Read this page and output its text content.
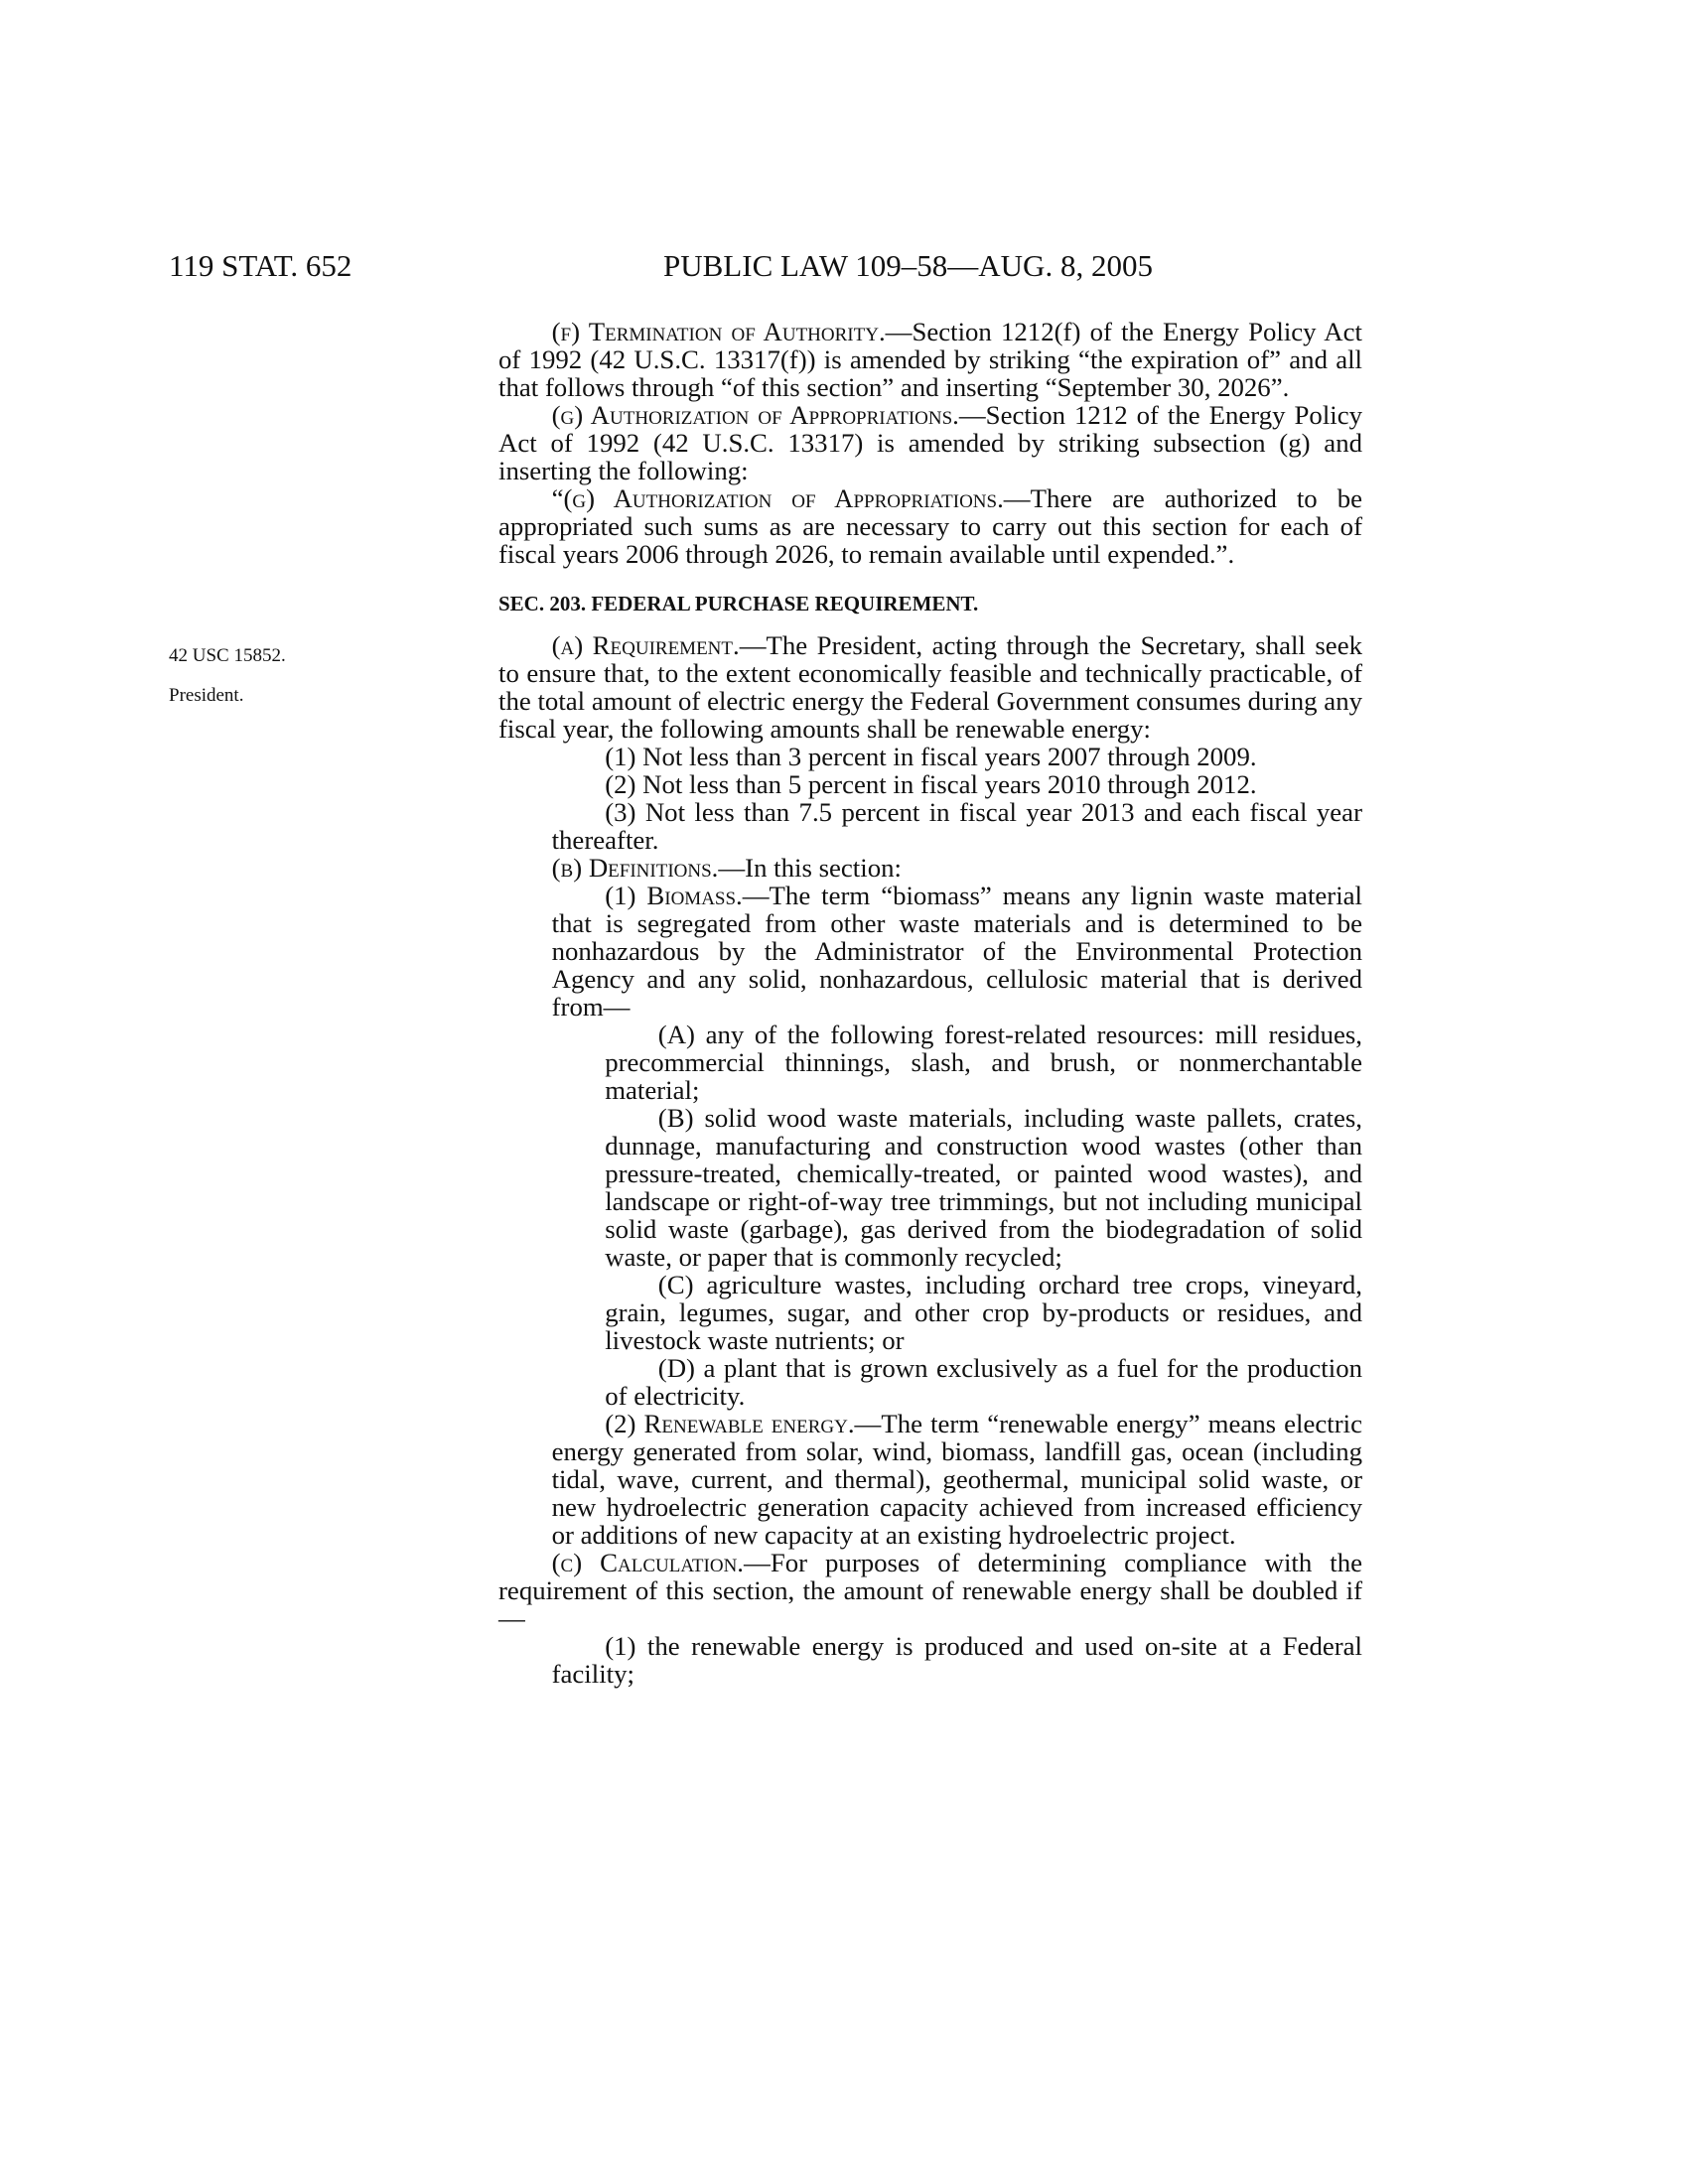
119 STAT. 652	PUBLIC LAW 109–58—AUG. 8, 2005
42 USC 15852.
President.

(f) Termination of Authority.—Section 1212(f) of the Energy Policy Act of 1992 (42 U.S.C. 13317(f)) is amended by striking “the expiration of” and all that follows through “of this section” and inserting “September 30, 2026”.

(g) Authorization of Appropriations.—Section 1212 of the Energy Policy Act of 1992 (42 U.S.C. 13317) is amended by striking subsection (g) and inserting the following:

“(g) Authorization of Appropriations.—There are authorized to be appropriated such sums as are necessary to carry out this section for each of fiscal years 2006 through 2026, to remain available until expended.”.

SEC. 203. FEDERAL PURCHASE REQUIREMENT.

(a) Requirement.—The President, acting through the Secretary, shall seek to ensure that, to the extent economically feasible and technically practicable, of the total amount of electric energy the Federal Government consumes during any fiscal year, the following amounts shall be renewable energy:

(1) Not less than 3 percent in fiscal years 2007 through 2009.

(2) Not less than 5 percent in fiscal years 2010 through 2012.

(3) Not less than 7.5 percent in fiscal year 2013 and each fiscal year thereafter.

(b) Definitions.—In this section:

(1) Biomass.—The term “biomass” means any lignin waste material that is segregated from other waste materials and is determined to be nonhazardous by the Administrator of the Environmental Protection Agency and any solid, nonhazardous, cellulosic material that is derived from—

(A) any of the following forest-related resources: mill residues, precommercial thinnings, slash, and brush, or nonmerchantable material;

(B) solid wood waste materials, including waste pallets, crates, dunnage, manufacturing and construction wood wastes (other than pressure-treated, chemically-treated, or painted wood wastes), and landscape or right-of-way tree trimmings, but not including municipal solid waste (garbage), gas derived from the biodegradation of solid waste, or paper that is commonly recycled;

(C) agriculture wastes, including orchard tree crops, vineyard, grain, legumes, sugar, and other crop by-products or residues, and livestock waste nutrients; or

(D) a plant that is grown exclusively as a fuel for the production of electricity.

(2) Renewable energy.—The term “renewable energy” means electric energy generated from solar, wind, biomass, landfill gas, ocean (including tidal, wave, current, and thermal), geothermal, municipal solid waste, or new hydroelectric generation capacity achieved from increased efficiency or additions of new capacity at an existing hydroelectric project.

(c) Calculation.—For purposes of determining compliance with the requirement of this section, the amount of renewable energy shall be doubled if—

(1) the renewable energy is produced and used on-site at a Federal facility;
